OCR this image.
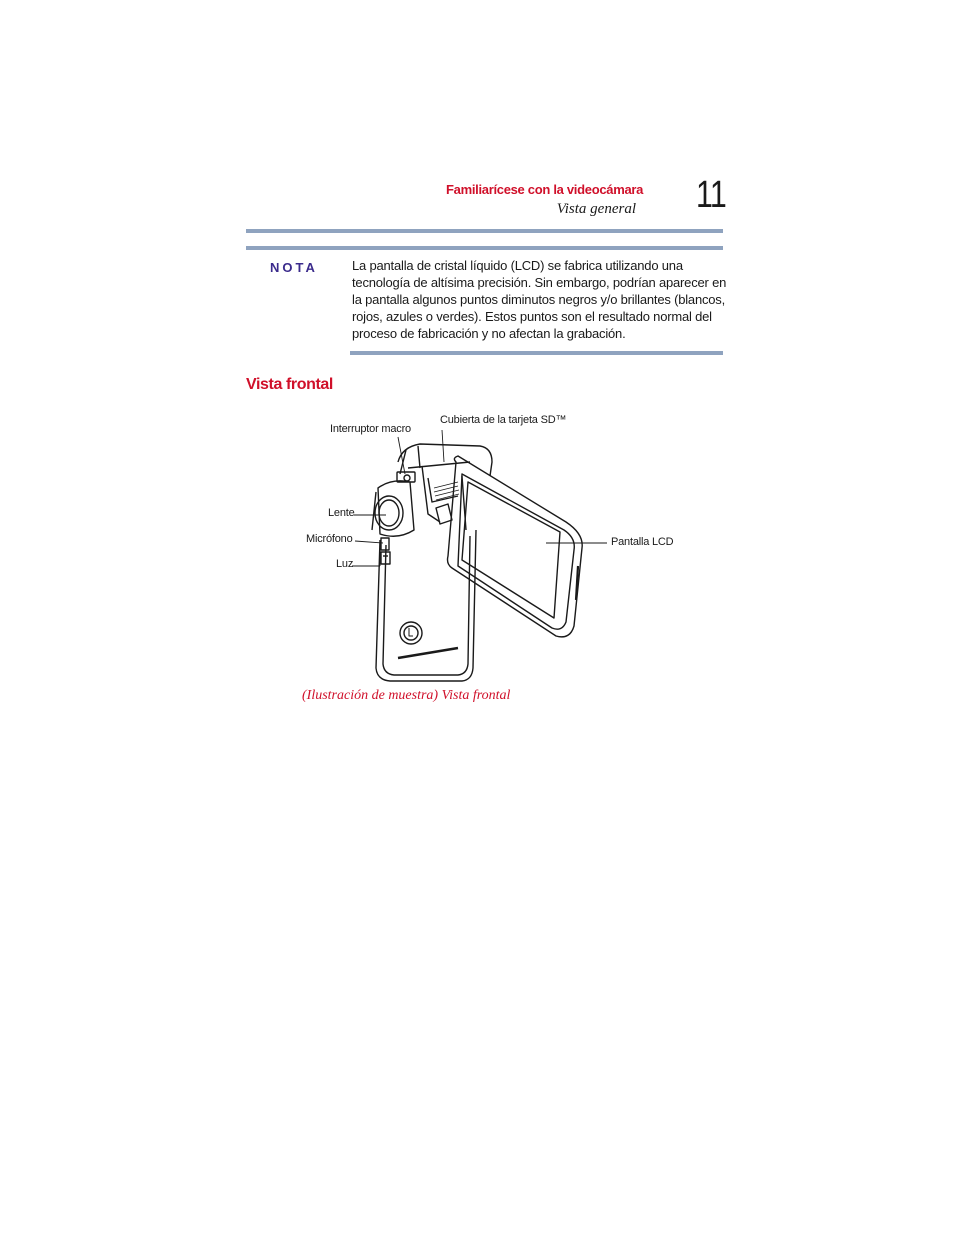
Familiarícese con la videocámara
Vista general	11
NOTA	La pantalla de cristal líquido (LCD) se fabrica utilizando una
tecnología de altísima precisión. Sin embargo, podrían aparecer en
la pantalla algunos puntos diminutos negros y/o brillantes (blancos,
rojos, azules o verdes). Estos puntos son el resultado normal del
proceso de fabricación y no afectan la grabación.
Vista frontal
Interruptor macro
Cubierta de la tarjeta SD™
Lente
Micrófono
Luz
Pantalla LCD
(Ilustración de muestra) Vista frontal
